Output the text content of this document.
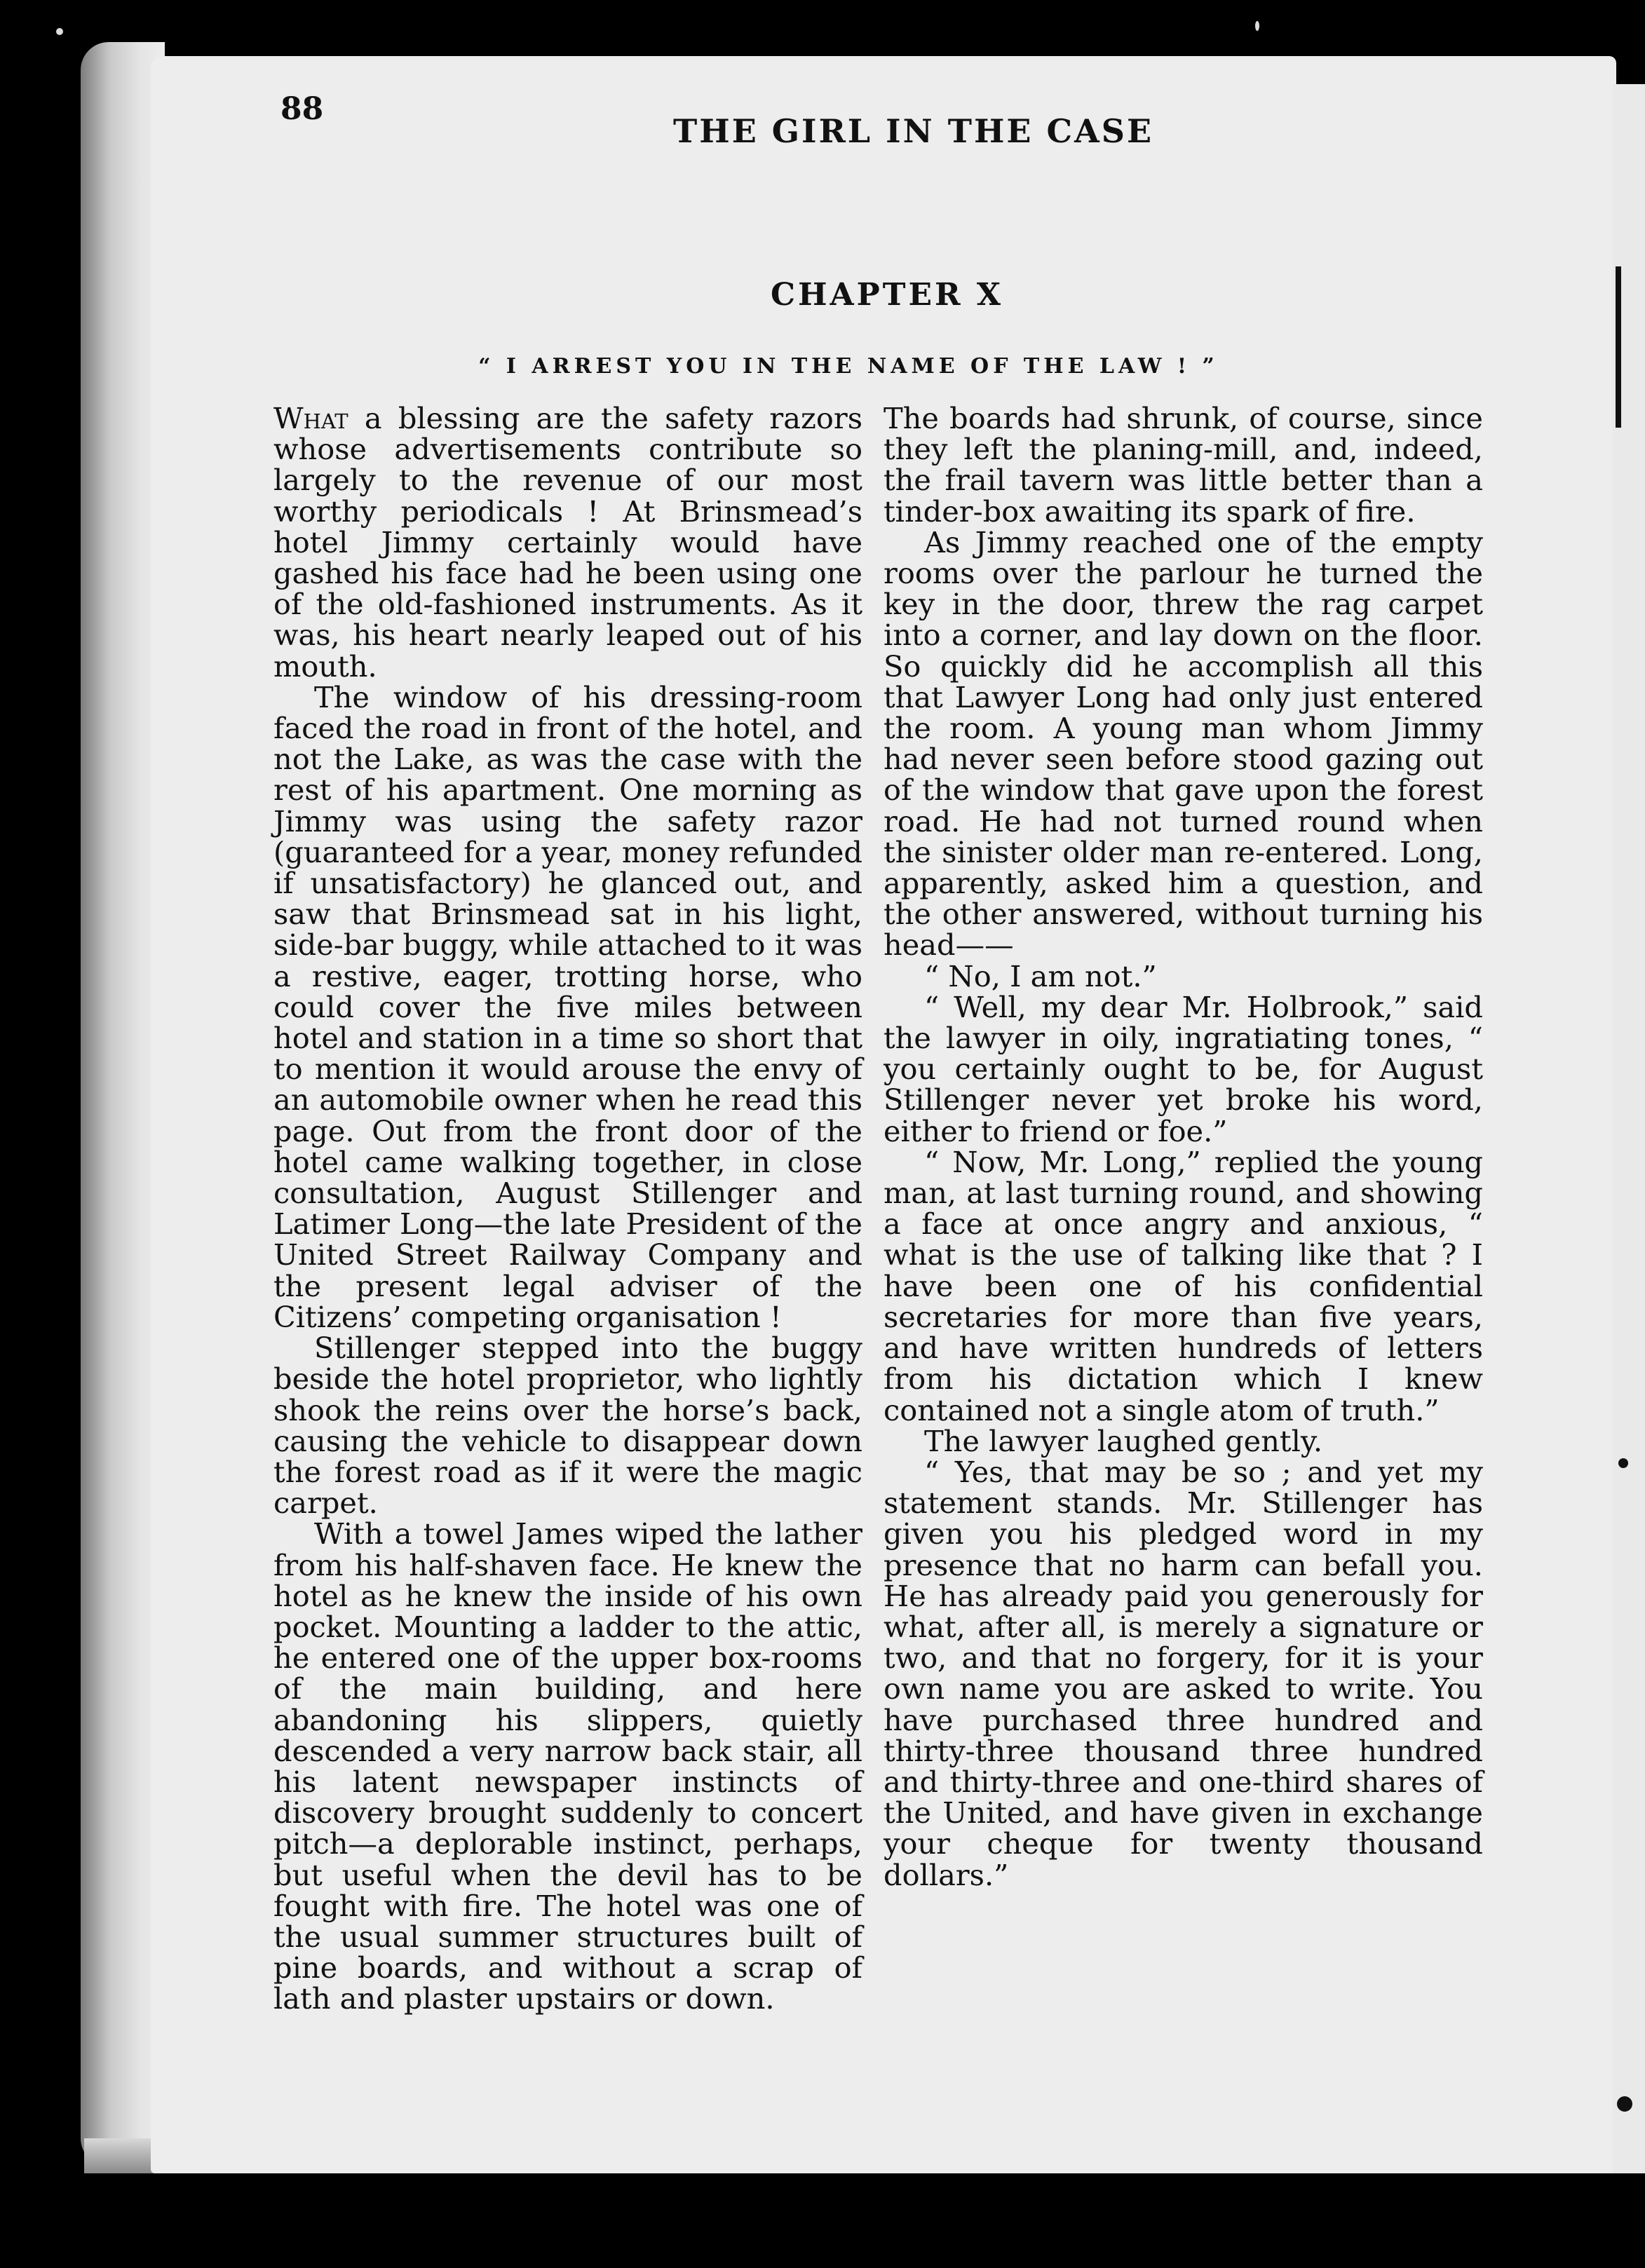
88
THE GIRL IN THE CASE
CHAPTER X
“ I ARREST YOU IN THE NAME OF THE LAW ! ”

What a blessing are the safety razors whose advertisements contribute so largely to the revenue of our most worthy periodicals ! At Brinsmead’s hotel Jimmy certainly would have gashed his face had he been using one of the old-fashioned instruments. As it was, his heart nearly leaped out of his mouth.

The window of his dressing-room faced the road in front of the hotel, and not the Lake, as was the case with the rest of his apartment. One morning as Jimmy was using the safety razor (guaranteed for a year, money refunded if unsatisfactory) he glanced out, and saw that Brinsmead sat in his light, side-bar buggy, while attached to it was a restive, eager, trotting horse, who could cover the five miles between hotel and station in a time so short that to mention it would arouse the envy of an automobile owner when he read this page. Out from the front door of the hotel came walking together, in close consultation, August Stillenger and Latimer Long—the late President of the United Street Railway Company and the present legal adviser of the Citizens’ competing organisation !

Stillenger stepped into the buggy beside the hotel proprietor, who lightly shook the reins over the horse’s back, causing the vehicle to disappear down the forest road as if it were the magic carpet.

With a towel James wiped the lather from his half-shaven face. He knew the hotel as he knew the inside of his own pocket. Mounting a ladder to the attic, he entered one of the upper box-rooms of the main building, and here abandoning his slippers, quietly descended a very narrow back stair, all his latent newspaper instincts of discovery brought suddenly to concert pitch—a deplorable instinct, perhaps, but useful when the devil has to be fought with fire. The hotel was one of the usual summer structures built of pine boards, and without a scrap of lath and plaster upstairs or down.

The boards had shrunk, of course, since they left the planing-mill, and, indeed, the frail tavern was little better than a tinder-box awaiting its spark of fire.

As Jimmy reached one of the empty rooms over the parlour he turned the key in the door, threw the rag carpet into a corner, and lay down on the floor. So quickly did he accomplish all this that Lawyer Long had only just entered the room. A young man whom Jimmy had never seen before stood gazing out of the window that gave upon the forest road. He had not turned round when the sinister older man re-entered. Long, apparently, asked him a question, and the other answered, without turning his head——

“ No, I am not.”

“ Well, my dear Mr. Holbrook,” said the lawyer in oily, ingratiating tones, “ you certainly ought to be, for August Stillenger never yet broke his word, either to friend or foe.”

“ Now, Mr. Long,” replied the young man, at last turning round, and showing a face at once angry and anxious, “ what is the use of talking like that ? I have been one of his confidential secretaries for more than five years, and have written hundreds of letters from his dictation which I knew contained not a single atom of truth.”

The lawyer laughed gently.

“ Yes, that may be so ; and yet my statement stands. Mr. Stillenger has given you his pledged word in my presence that no harm can befall you. He has already paid you generously for what, after all, is merely a signature or two, and that no forgery, for it is your own name you are asked to write. You have purchased three hundred and thirty-three thousand three hundred and thirty-three and one-third shares of the United, and have given in exchange your cheque for twenty thousand dollars.”
